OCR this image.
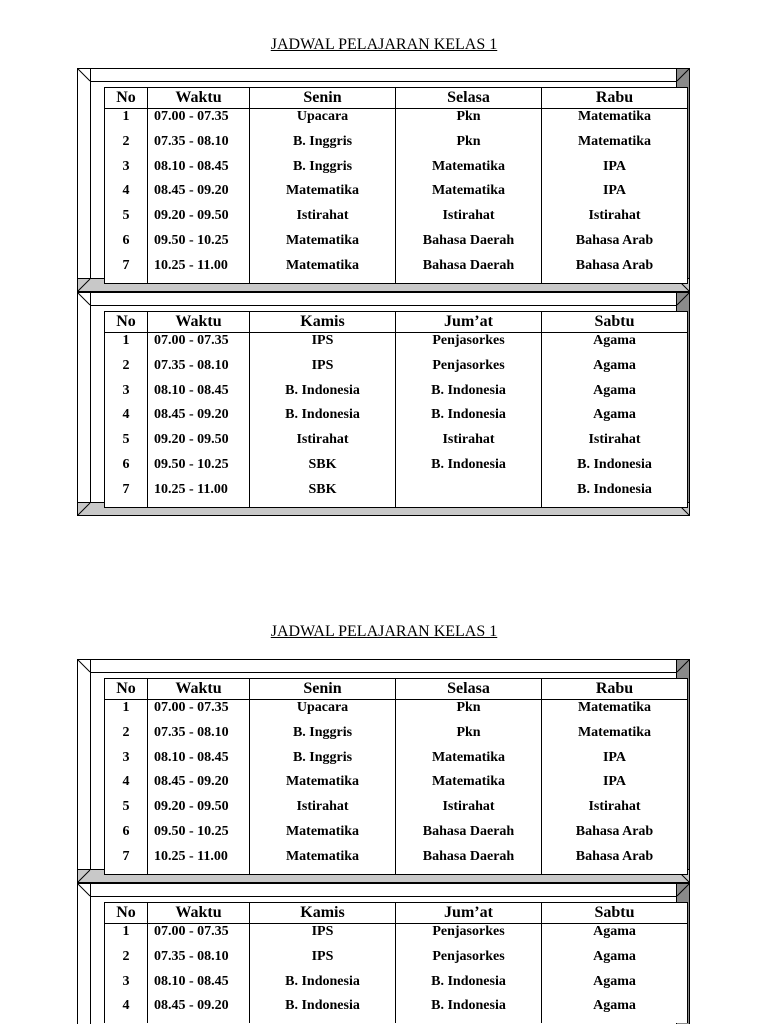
JADWAL PELAJARAN KELAS 1
No	Waktu	Senin	Selasa	Rabu
1	07.00 - 07.35	Upacara	Pkn	Matematika
2	07.35 - 08.10	B. Inggris	Pkn	Matematika
3	08.10 - 08.45	B. Inggris	Matematika	IPA
4	08.45 - 09.20	Matematika	Matematika	IPA
5	09.20 - 09.50	Istirahat	Istirahat	Istirahat
6	09.50 - 10.25	Matematika	Bahasa Daerah	Bahasa Arab
7	10.25 - 11.00	Matematika	Bahasa Daerah	Bahasa Arab
No	Waktu	Kamis	Jum’at	Sabtu
1	07.00 - 07.35	IPS	Penjasorkes	Agama
2	07.35 - 08.10	IPS	Penjasorkes	Agama
3	08.10 - 08.45	B. Indonesia	B. Indonesia	Agama
4	08.45 - 09.20	B. Indonesia	B. Indonesia	Agama
5	09.20 - 09.50	Istirahat	Istirahat	Istirahat
6	09.50 - 10.25	SBK	B. Indonesia	B. Indonesia
7	10.25 - 11.00	SBK		B. Indonesia
JADWAL PELAJARAN KELAS 1
No	Waktu	Senin	Selasa	Rabu
1	07.00 - 07.35	Upacara	Pkn	Matematika
2	07.35 - 08.10	B. Inggris	Pkn	Matematika
3	08.10 - 08.45	B. Inggris	Matematika	IPA
4	08.45 - 09.20	Matematika	Matematika	IPA
5	09.20 - 09.50	Istirahat	Istirahat	Istirahat
6	09.50 - 10.25	Matematika	Bahasa Daerah	Bahasa Arab
7	10.25 - 11.00	Matematika	Bahasa Daerah	Bahasa Arab
No	Waktu	Kamis	Jum’at	Sabtu
1	07.00 - 07.35	IPS	Penjasorkes	Agama
2	07.35 - 08.10	IPS	Penjasorkes	Agama
3	08.10 - 08.45	B. Indonesia	B. Indonesia	Agama
4	08.45 - 09.20	B. Indonesia	B. Indonesia	Agama
